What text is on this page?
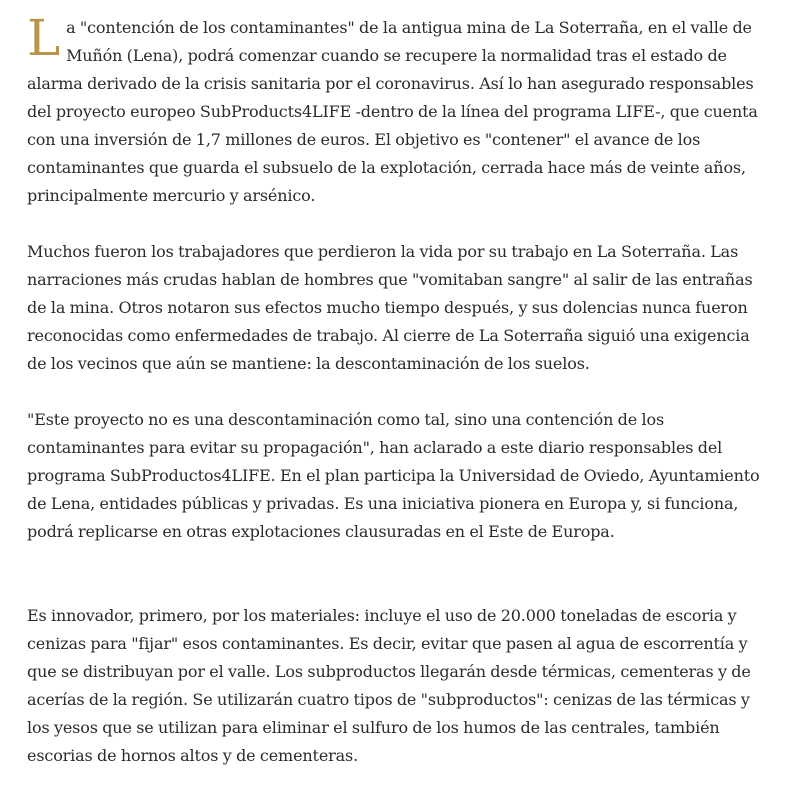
La "contención de los contaminantes" de la antigua mina de La Soterraña, en el valle de Muñón (Lena), podrá comenzar cuando se recupere la normalidad tras el estado de alarma derivado de la crisis sanitaria por el coronavirus. Así lo han asegurado responsables del proyecto europeo SubProducts4LIFE -dentro de la línea del programa LIFE-, que cuenta con una inversión de 1,7 millones de euros. El objetivo es "contener" el avance de los contaminantes que guarda el subsuelo de la explotación, cerrada hace más de veinte años, principalmente mercurio y arsénico.

Muchos fueron los trabajadores que perdieron la vida por su trabajo en La Soterraña. Las narraciones más crudas hablan de hombres que "vomitaban sangre" al salir de las entrañas de la mina. Otros notaron sus efectos mucho tiempo después, y sus dolencias nunca fueron reconocidas como enfermedades de trabajo. Al cierre de La Soterraña siguió una exigencia de los vecinos que aún se mantiene: la descontaminación de los suelos.

"Este proyecto no es una descontaminación como tal, sino una contención de los contaminantes para evitar su propagación", han aclarado a este diario responsables del programa SubProductos4LIFE. En el plan participa la Universidad de Oviedo, Ayuntamiento de Lena, entidades públicas y privadas. Es una iniciativa pionera en Europa y, si funciona, podrá replicarse en otras explotaciones clausuradas en el Este de Europa.

Es innovador, primero, por los materiales: incluye el uso de 20.000 toneladas de escoria y cenizas para "fijar" esos contaminantes. Es decir, evitar que pasen al agua de escorrentía y que se distribuyan por el valle. Los subproductos llegarán desde térmicas, cementeras y de acerías de la región. Se utilizarán cuatro tipos de "subproductos": cenizas de las térmicas y los yesos que se utilizan para eliminar el sulfuro de los humos de las centrales, también escorias de hornos altos y de cementeras.
